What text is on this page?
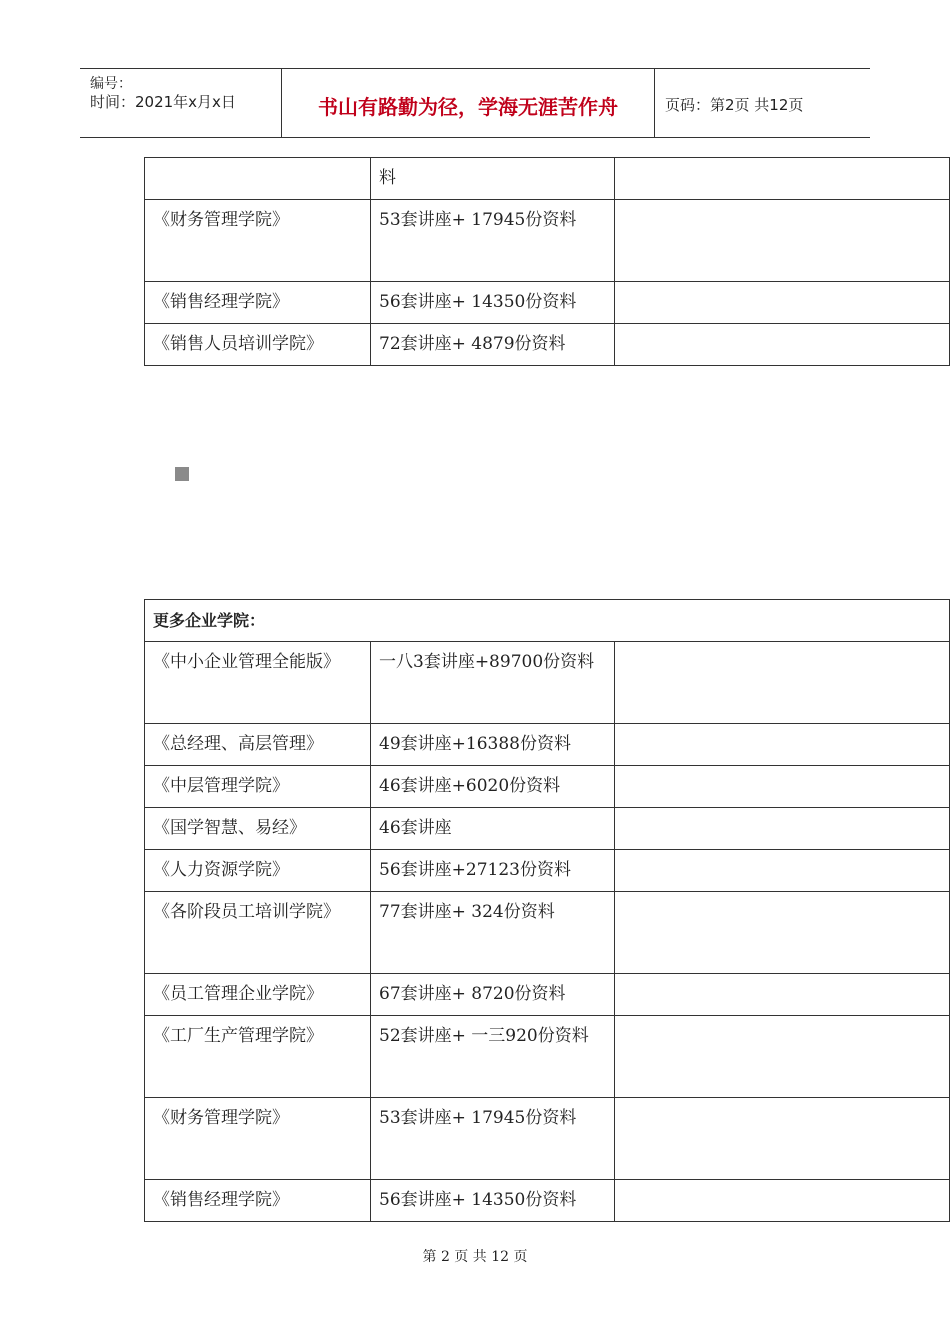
编号：
时间：2021年x月x日	书山有路勤为径，学海无涯苦作舟	页码：第2页 共12页
	料	
《财务管理学院》	53套讲座+ 17945份资料	
《销售经理学院》	56套讲座+ 14350份资料	
《销售人员培训学院》	72套讲座+ 4879份资料	
更多企业学院：		
《中小企业管理全能版》	一八3套讲座+89700份资料	
《总经理、高层管理》	49套讲座+16388份资料	
《中层管理学院》	46套讲座+6020份资料	
《国学智慧、易经》	46套讲座	
《人力资源学院》	56套讲座+27123份资料	
《各阶段员工培训学院》	77套讲座+ 324份资料	
《员工管理企业学院》	67套讲座+ 8720份资料	
《工厂生产管理学院》	52套讲座+ 一三920份资料	
《财务管理学院》	53套讲座+ 17945份资料	
《销售经理学院》	56套讲座+ 14350份资料	
第 2 页 共 12 页
